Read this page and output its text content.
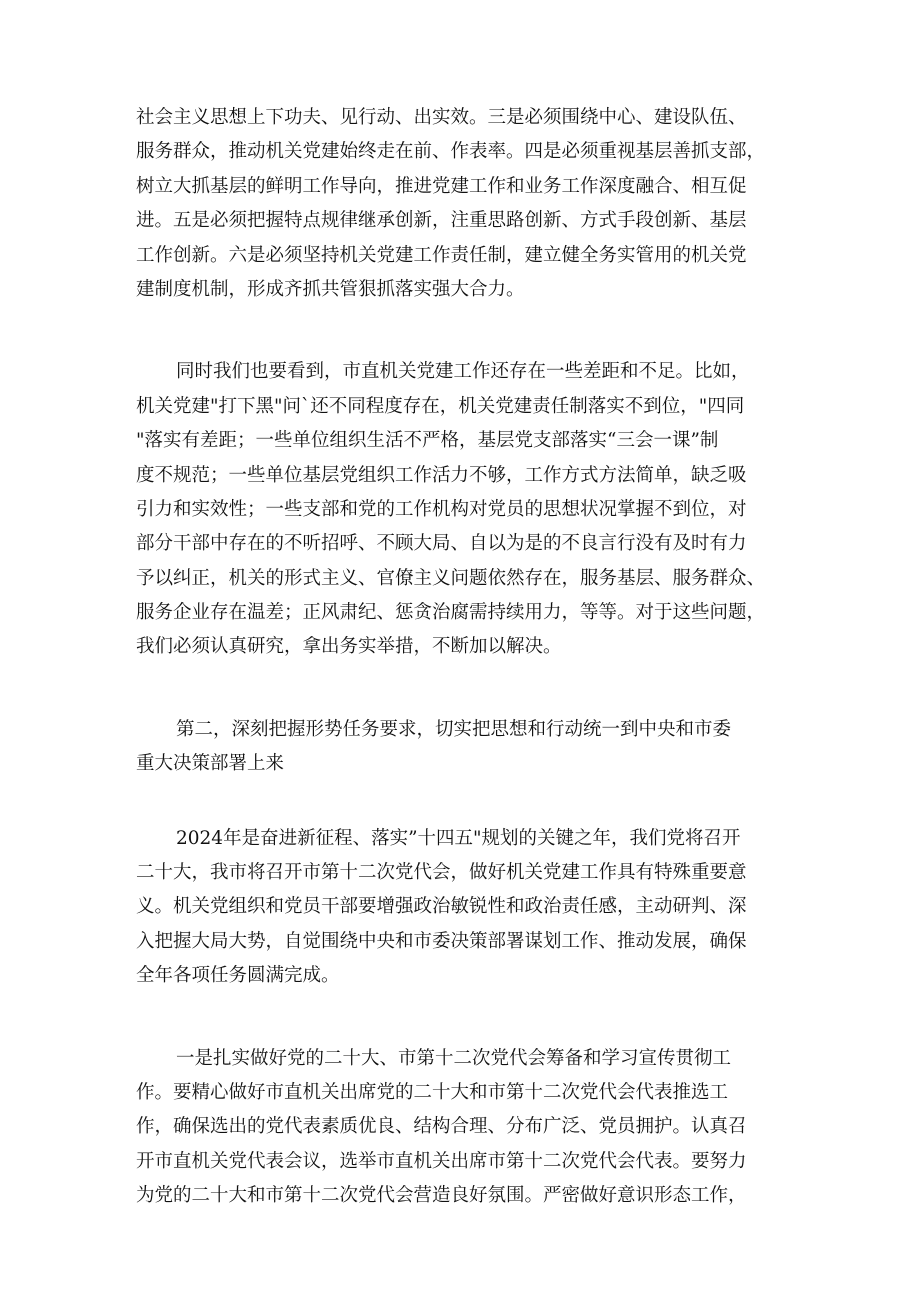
社会主义思想上下功夫、见行动、出实效。三是必须围绕中心、建设队伍、
服务群众，推动机关党建始终走在前、作表率。四是必须重视基层善抓支部，
树立大抓基层的鲜明工作导向，推进党建工作和业务工作深度融合、相互促
进。五是必须把握特点规律继承创新，注重思路创新、方式手段创新、基层
工作创新。六是必须坚持机关党建工作责任制，建立健全务实管用的机关党
建制度机制，形成齐抓共管狠抓落实强大合力。
同时我们也要看到，市直机关党建工作还存在一些差距和不足。比如，
机关党建"打下黑"问`还不同程度存在，机关党建责任制落实不到位，"四同
"落实有差距；一些单位组织生活不严格，基层党支部落实“三会一课”制
度不规范；一些单位基层党组织工作活力不够，工作方式方法简单，缺乏吸
引力和实效性；一些支部和党的工作机构对党员的思想状况掌握不到位，对
部分干部中存在的不听招呼、不顾大局、自以为是的不良言行没有及时有力
予以纠正，机关的形式主义、官僚主义问题依然存在，服务基层、服务群众、
服务企业存在温差；正风肃纪、惩贪治腐需持续用力，等等。对于这些问题，
我们必须认真研究，拿出务实举措，不断加以解决。
第二，深刻把握形势任务要求，切实把思想和行动统一到中央和市委
重大决策部署上来
2024年是奋进新征程、落实”十四五"规划的关键之年，我们党将召开
二十大，我市将召开市第十二次党代会，做好机关党建工作具有特殊重要意
义。机关党组织和党员干部要增强政治敏锐性和政治责任感，主动研判、深
入把握大局大势，自觉围绕中央和市委决策部署谋划工作、推动发展，确保
全年各项任务圆满完成。
一是扎实做好党的二十大、市第十二次党代会筹备和学习宣传贯彻工
作。要精心做好市直机关出席党的二十大和市第十二次党代会代表推选工
作，确保选出的党代表素质优良、结构合理、分布广泛、党员拥护。认真召
开市直机关党代表会议，选举市直机关出席市第十二次党代会代表。要努力
为党的二十大和市第十二次党代会营造良好氛围。严密做好意识形态工作，
